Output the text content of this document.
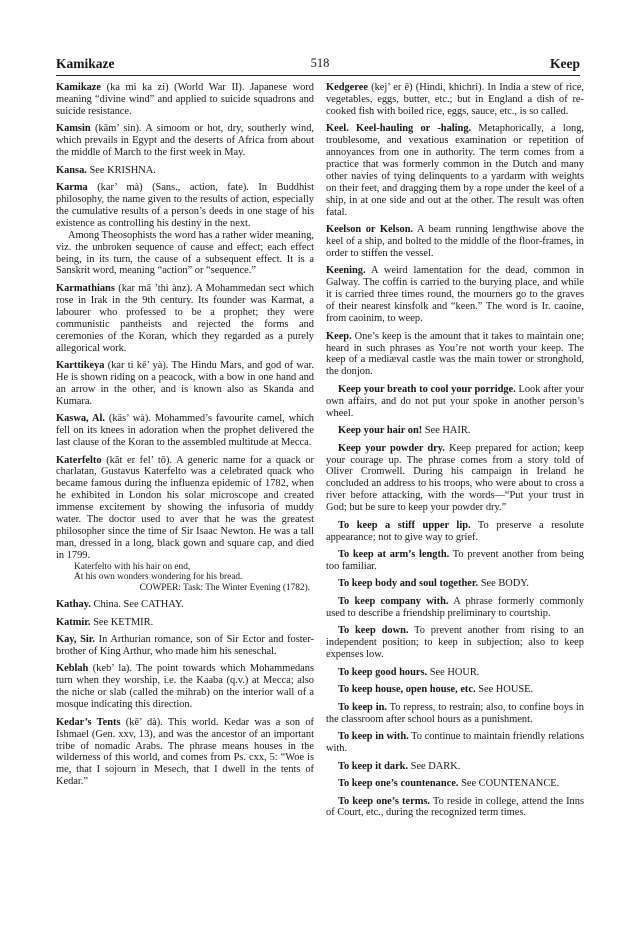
Kamikaze	518	Keep

Kamikaze (ka mi ka zi) (World War II). Japanese word meaning “divine wind” and applied to suicide squadrons and suicide resistance.

Kamsin (kăm’ sin). A simoom or hot, dry, southerly wind, which prevails in Egypt and the deserts of Africa from about the middle of March to the first week in May.

Kansa. See KRISHNA.

Karma (kar’ mà) (Sans., action, fate). In Buddhist philosophy, the name given to the results of action, especially the cumulative results of a person’s deeds in one stage of his existence as controlling his destiny in the next.

Among Theosophists the word has a rather wider meaning, viz. the unbroken sequence of cause and effect; each effect being, in its turn, the cause of a subsequent effect. It is a Sanskrit word, meaning “action” or “sequence.”

Karmathians (kar mā ’thi ànz). A Mohammedan sect which rose in Irak in the 9th century. Its founder was Karmat, a labourer who professed to be a prophet; they were communistic pantheists and rejected the forms and ceremonies of the Koran, which they regarded as a purely allegorical work.

Karttikeya (kar ti kē’ yà). The Hindu Mars, and god of war. He is shown riding on a peacock, with a bow in one hand and an arrow in the other, and is known also as Skanda and Kumara.

Kaswa, Al. (käs’ wà). Mohammed’s favourite camel, which fell on its knees in adoration when the prophet delivered the last clause of the Koran to the assembled multitude at Mecca.

Katerfelto (kăt er fel’ tō). A generic name for a quack or charlatan, Gustavus Katerfelto was a celebrated quack who became famous during the influenza epidemic of 1782, when he exhibited in London his solar microscope and created immense excitement by showing the infusoria of muddy water. The doctor used to aver that he was the greatest philosopher since the time of Sir Isaac Newton. He was a tall man, dressed in a long, black gown and square cap, and died in 1799.

Katerfelto with his hair on end,

At his own wonders wondering for his bread.

COWPER: Task: The Winter Evening (1782).

Kathay. China. See CATHAY.

Katmir. See KETMIR.

Kay, Sir. In Arthurian romance, son of Sir Ector and foster-brother of King Arthur, who made him his seneschal.

Keblah (keb’ la). The point towards which Mohammedans turn when they worship, i.e. the Kaaba (q.v.) at Mecca; also the niche or slab (called the mihrab) on the interior wall of a mosque indicating this direction.

Kedar’s Tents (kē’ dà). This world. Kedar was a son of Ishmael (Gen. xxv, 13), and was the ancestor of an important tribe of nomadic Arabs. The phrase means houses in the wilderness of this world, and comes from Ps. cxx, 5: “Woe is me, that I sojourn in Mesech, that I dwell in the tents of Kedar.”

Kedgeree (kej’ er ē) (Hindi, khichri). In India a stew of rice, vegetables, eggs, butter, etc.; but in England a dish of re-cooked fish with boiled rice, eggs, sauce, etc., is so called.

Keel. Keel-hauling or -haling. Metaphorically, a long, troublesome, and vexatious examination or repetition of annoyances from one in authority. The term comes from a practice that was formerly common in the Dutch and many other navies of tying delinquents to a yardarm with weights on their feet, and dragging them by a rope under the keel of a ship, in at one side and out at the other. The result was often fatal.

Keelson or Kelson. A beam running lengthwise above the keel of a ship, and bolted to the middle of the floor-frames, in order to stiffen the vessel.

Keening. A weird lamentation for the dead, common in Galway. The coffin is carried to the burying place, and while it is carried three times round, the mourners go to the graves of their nearest kinsfolk and “keen.” The word is Ir. caoine, from caoinim, to weep.

Keep. One’s keep is the amount that it takes to maintain one; heard in such phrases as You’re not worth your keep. The keep of a mediæval castle was the main tower or stronghold, the donjon.

Keep your breath to cool your porridge. Look after your own affairs, and do not put your spoke in another person’s wheel.

Keep your hair on! See HAIR.

Keep your powder dry. Keep prepared for action; keep your courage up. The phrase comes from a story told of Oliver Cromwell. During his campaign in Ireland he concluded an address to his troops, who were about to cross a river before attacking, with the words—“Put your trust in God; but be sure to keep your powder dry.”

To keep a stiff upper lip. To preserve a resolute appearance; not to give way to grief.

To keep at arm’s length. To prevent another from being too familiar.

To keep body and soul together. See BODY.

To keep company with. A phrase formerly commonly used to describe a friendship preliminary to courtship.

To keep down. To prevent another from rising to an independent position; to keep in subjection; also to keep expenses low.

To keep good hours. See HOUR.

To keep house, open house, etc. See HOUSE.

To keep in. To repress, to restrain; also, to confine boys in the classroom after school hours as a punishment.

To keep in with. To continue to maintain friendly relations with.

To keep it dark. See DARK.

To keep one’s countenance. See COUNTENANCE.

To keep one’s terms. To reside in college, attend the Inns of Court, etc., during the recognized term times.
